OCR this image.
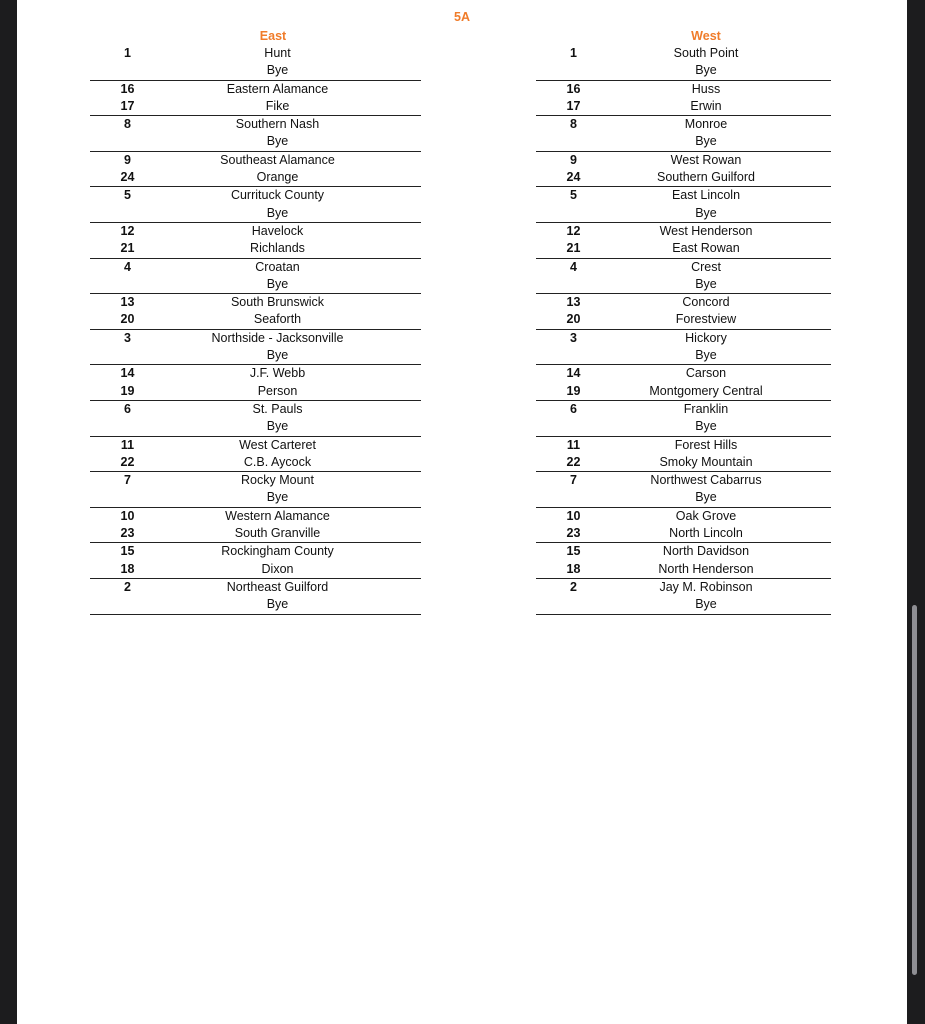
5A
East
1	Hunt
Bye
16	Eastern Alamance
17	Fike
8	Southern Nash
Bye
9	Southeast Alamance
24	Orange
5	Currituck County
Bye
12	Havelock
21	Richlands
4	Croatan
Bye
13	South Brunswick
20	Seaforth
3	Northside - Jacksonville
Bye
14	J.F. Webb
19	Person
6	St. Pauls
Bye
11	West Carteret
22	C.B. Aycock
7	Rocky Mount
Bye
10	Western Alamance
23	South Granville
15	Rockingham County
18	Dixon
2	Northeast Guilford
Bye
West
1	South Point
Bye
16	Huss
17	Erwin
8	Monroe
Bye
9	West Rowan
24	Southern Guilford
5	East Lincoln
Bye
12	West Henderson
21	East Rowan
4	Crest
Bye
13	Concord
20	Forestview
3	Hickory
Bye
14	Carson
19	Montgomery Central
6	Franklin
Bye
11	Forest Hills
22	Smoky Mountain
7	Northwest Cabarrus
Bye
10	Oak Grove
23	North Lincoln
15	North Davidson
18	North Henderson
2	Jay M. Robinson
Bye
